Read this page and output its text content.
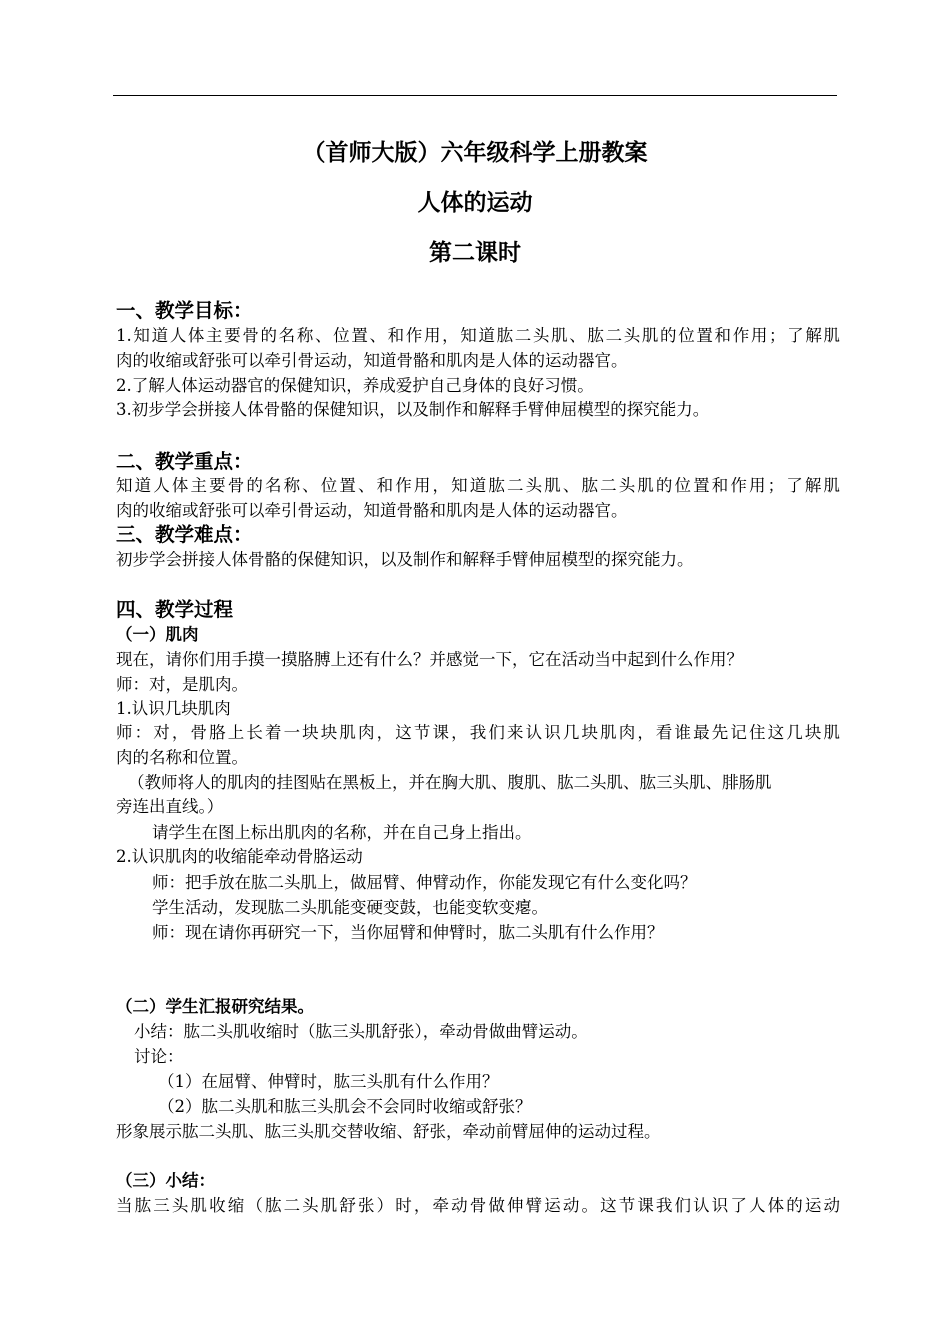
（首师大版）六年级科学上册教案
人体的运动
第二课时

一、教学目标：

1.知道人体主要骨的名称、位置、和作用，知道肱二头肌、肱二头肌的位置和作用；了解肌

肉的收缩或舒张可以牵引骨运动，知道骨骼和肌肉是人体的运动器官。

2.了解人体运动器官的保健知识，养成爱护自己身体的良好习惯。

3.初步学会拼接人体骨骼的保健知识，以及制作和解释手臂伸屈模型的探究能力。

二、教学重点：

知道人体主要骨的名称、位置、和作用，知道肱二头肌、肱二头肌的位置和作用；了解肌

肉的收缩或舒张可以牵引骨运动，知道骨骼和肌肉是人体的运动器官。

三、教学难点：

初步学会拼接人体骨骼的保健知识，以及制作和解释手臂伸屈模型的探究能力。

四、教学过程

（一）肌肉

现在，请你们用手摸一摸胳膊上还有什么？并感觉一下，它在活动当中起到什么作用？

师：对，是肌肉。

1.认识几块肌肉

师：对，骨胳上长着一块块肌肉，这节课，我们来认识几块肌肉，看谁最先记住这几块肌

肉的名称和位置。

（教师将人的肌肉的挂图贴在黑板上，并在胸大肌、腹肌、肱二头肌、肱三头肌、腓肠肌

旁连出直线。）

请学生在图上标出肌肉的名称，并在自己身上指出。

2.认识肌肉的收缩能牵动骨胳运动

师：把手放在肱二头肌上，做屈臂、伸臂动作，你能发现它有什么变化吗？

学生活动，发现肱二头肌能变硬变鼓，也能变软变瘪。

师：现在请你再研究一下，当你屈臂和伸臂时，肱二头肌有什么作用？

（二）学生汇报研究结果。

小结：肱二头肌收缩时（肱三头肌舒张），牵动骨做曲臂运动。

讨论：

（1）在屈臂、伸臂时，肱三头肌有什么作用？

（2）肱二头肌和肱三头肌会不会同时收缩或舒张？

形象展示肱二头肌、肱三头肌交替收缩、舒张，牵动前臂屈伸的运动过程。

（三）小结：

当肱三头肌收缩（肱二头肌舒张）时，牵动骨做伸臂运动。这节课我们认识了人体的运动
